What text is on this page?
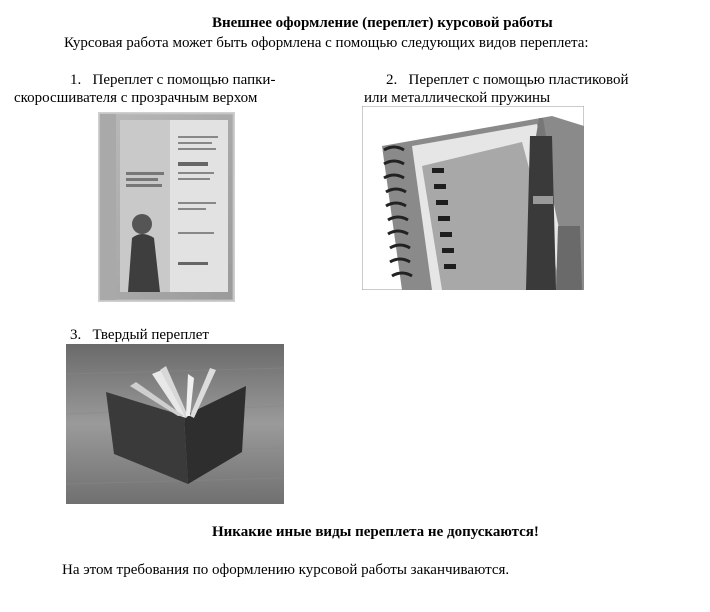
Внешнее оформление (переплет) курсовой работы
Курсовая работа может быть оформлена с помощью следующих видов переплета:
1. Переплет с помощью папки-
скоросшивателя с прозрачным верхом
2. Переплет с помощью пластиковой
или металлической пружины
3. Твердый переплет
Никакие иные виды переплета не допускаются!
На этом требования по оформлению курсовой работы заканчиваются.
